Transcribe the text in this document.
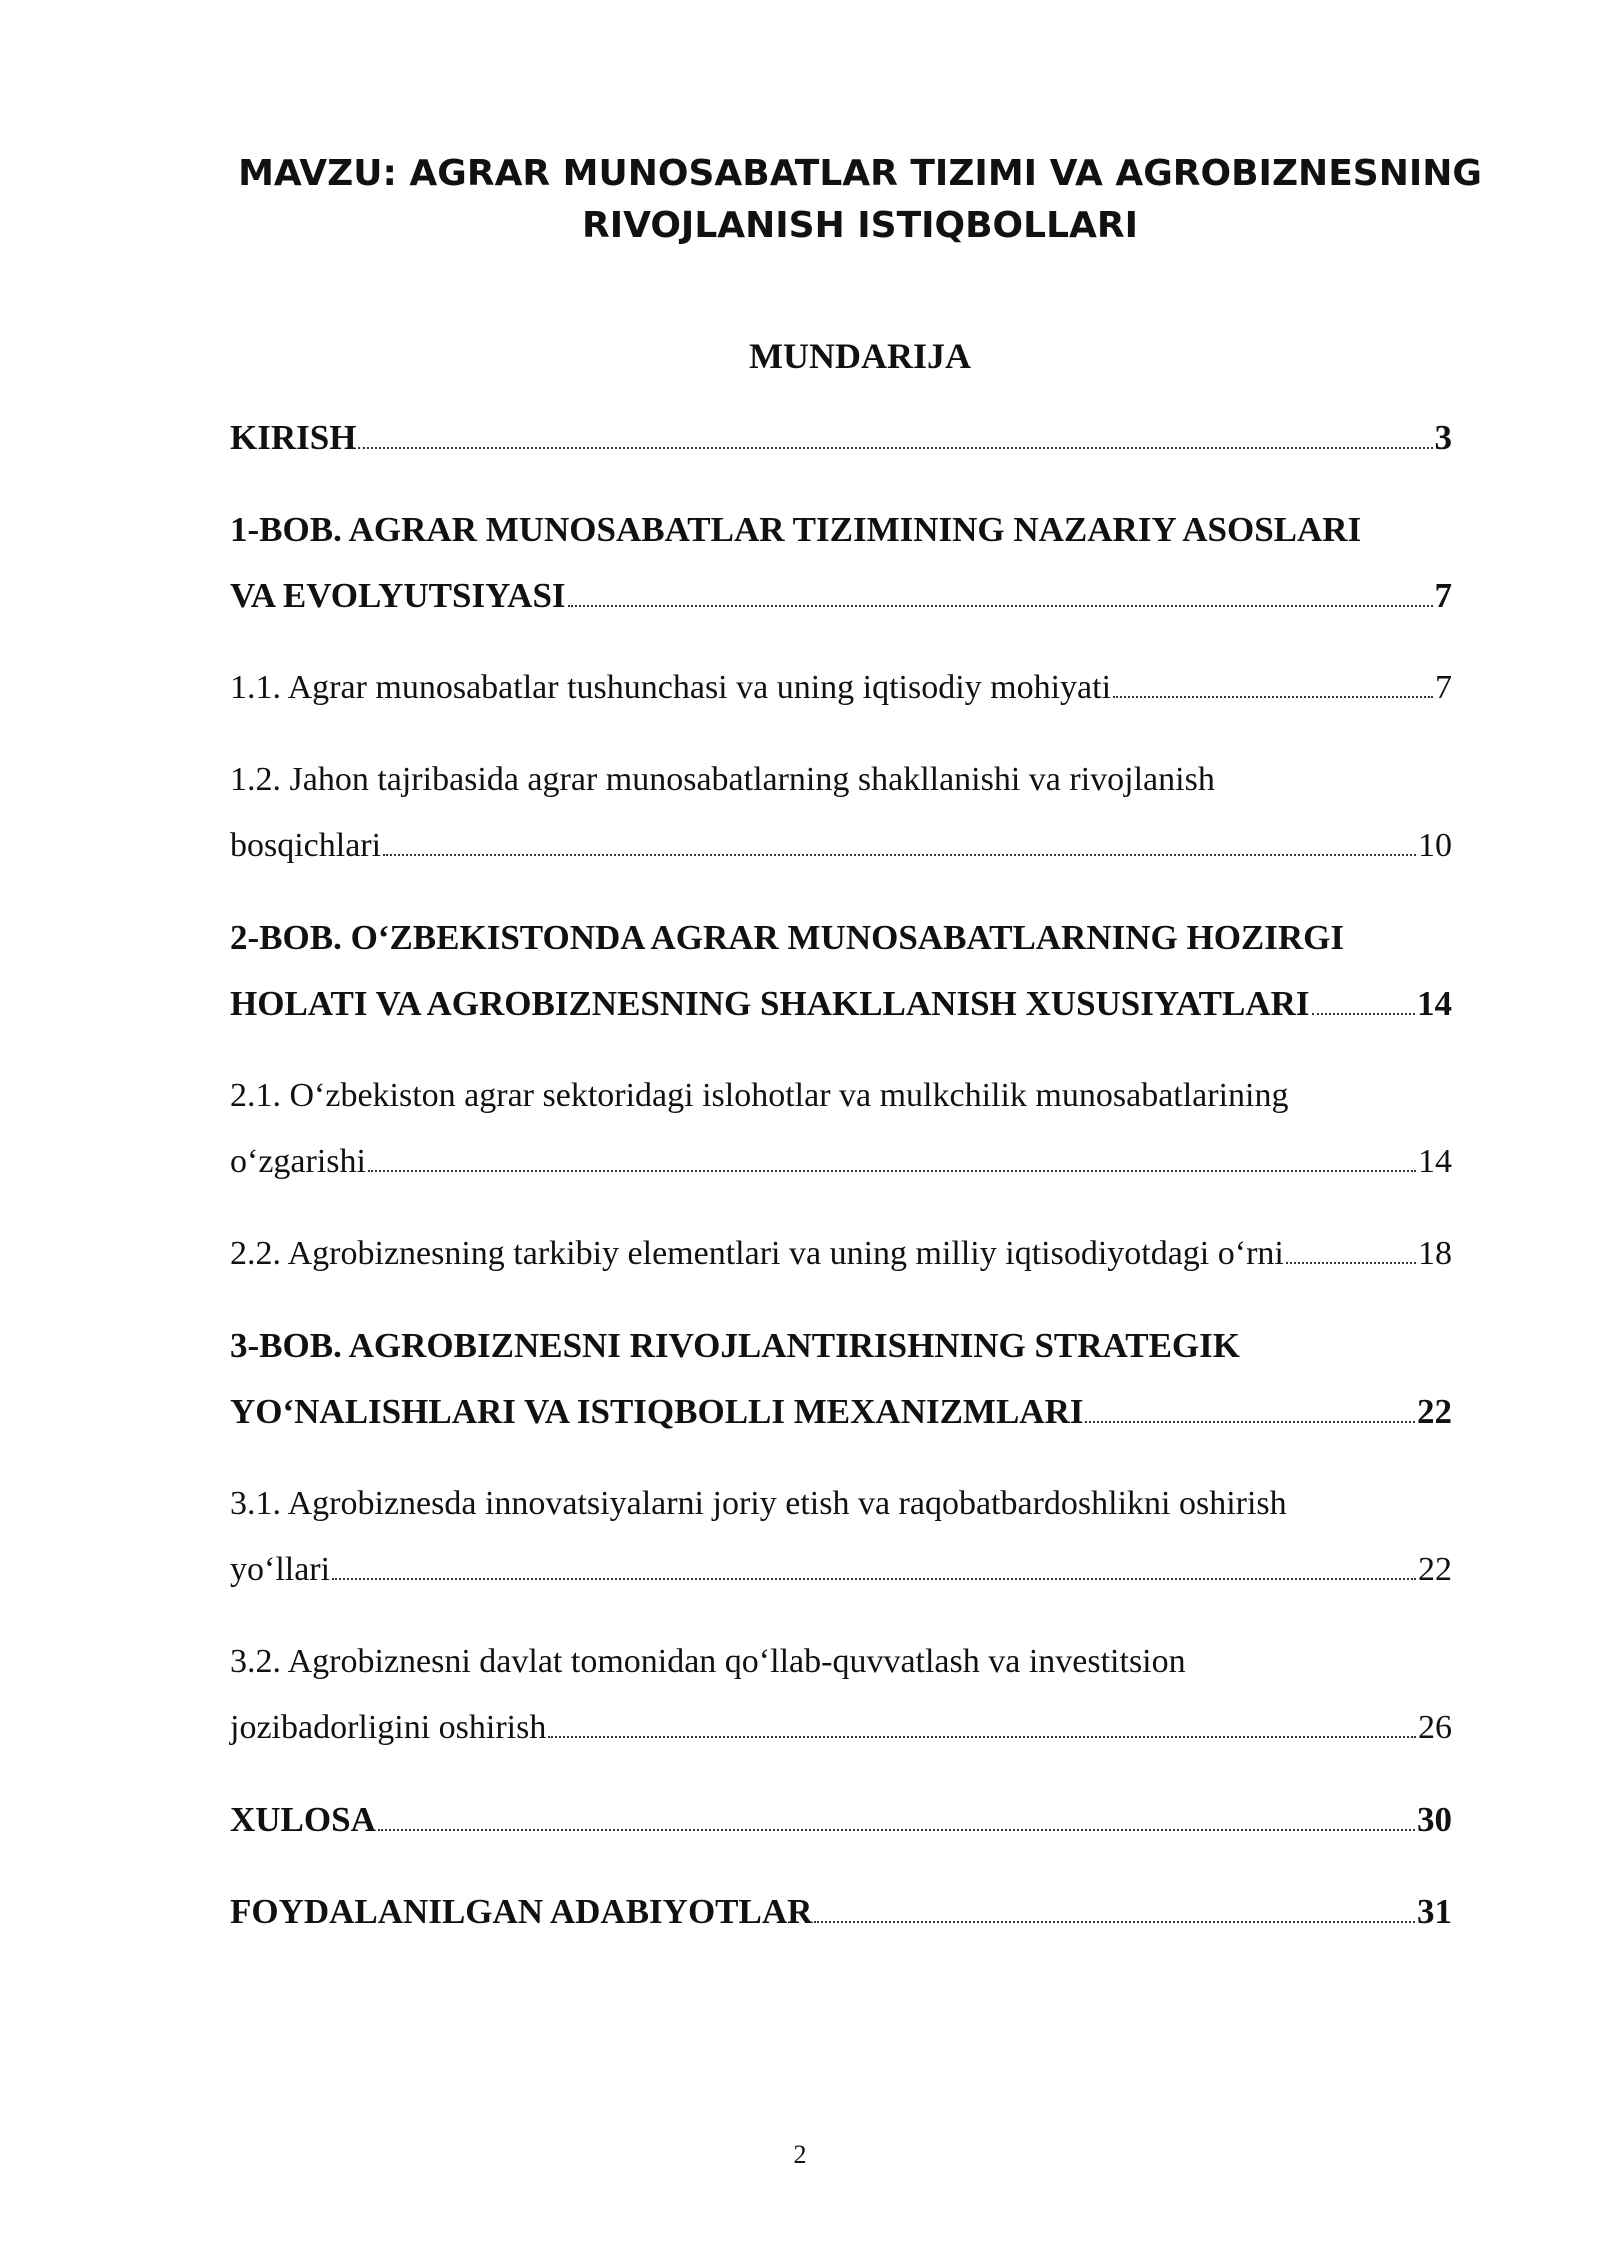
MAVZU: AGRAR MUNOSABATLAR TIZIMI VA AGROBIZNESNING RIVOJLANISH ISTIQBOLLARI
MUNDARIJA
KIRISH	3
1-BOB. AGRAR MUNOSABATLAR TIZIMINING NAZARIY ASOSLARI
VA EVOLYUTSIYASI	7
1.1. Agrar munosabatlar tushunchasi va uning iqtisodiy mohiyati	7
1.2. Jahon tajribasida agrar munosabatlarning shakllanishi va rivojlanish
bosqichlari	10
2-BOB. O‘ZBEKISTONDA AGRAR MUNOSABATLARNING HOZIRGI
HOLATI VA AGROBIZNESNING SHAKLLANISH XUSUSIYATLARI	14
2.1. O‘zbekiston agrar sektoridagi islohotlar va mulkchilik munosabatlarining
o‘zgarishi	14
2.2. Agrobiznesning tarkibiy elementlari va uning milliy iqtisodiyotdagi o‘rni	18
3-BOB. AGROBIZNESNI RIVOJLANTIRISHNING STRATEGIK
YO‘NALISHLARI VA ISTIQBOLLI MEXANIZMLARI	22
3.1. Agrobiznesda innovatsiyalarni joriy etish va raqobatbardoshlikni oshirish
yo‘llari	22
3.2. Agrobiznesni davlat tomonidan qo‘llab-quvvatlash va investitsion
jozibadorligini oshirish	26
XULOSA	30
FOYDALANILGAN ADABIYOTLAR	31
2
